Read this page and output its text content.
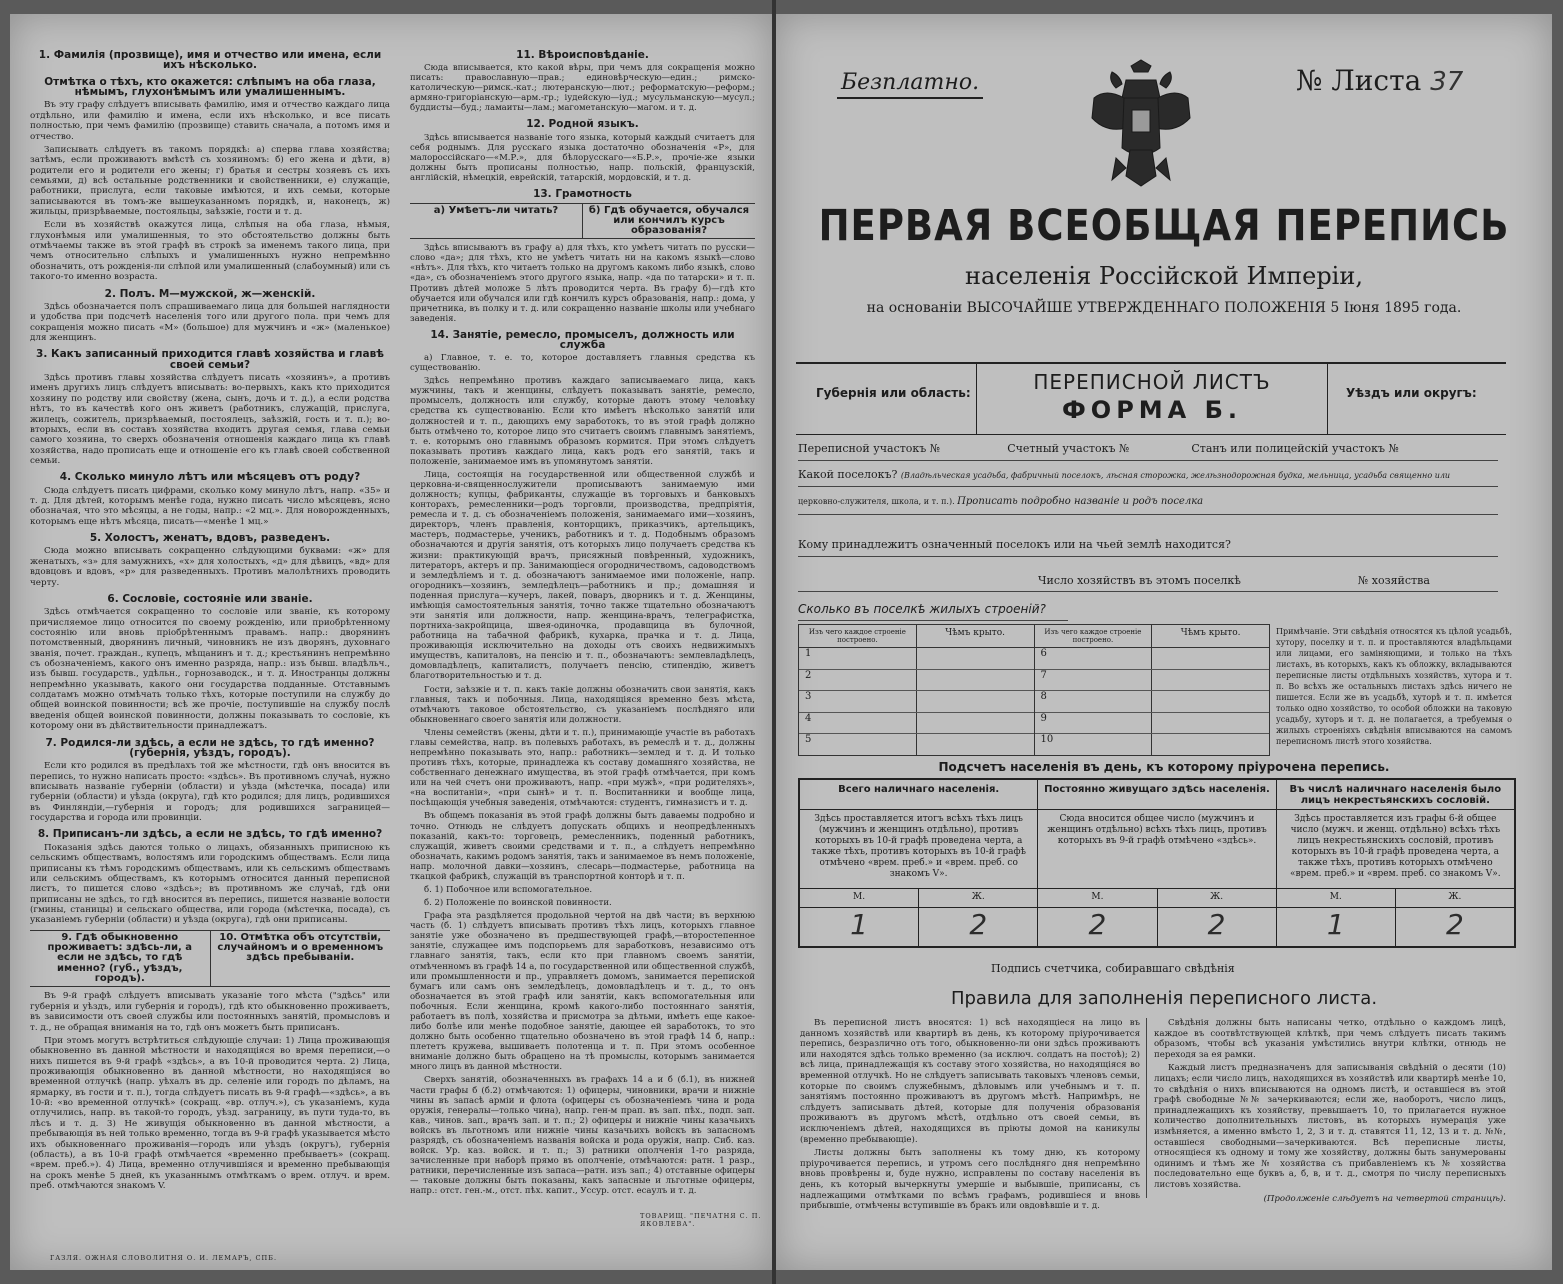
1. Фамилія (прозвище), имя и отчество или имена, если ихъ нѣсколько.
Отмѣтка о тѣхъ, кто окажется: слѣпымъ на оба глаза, нѣмымъ, глухонѣмымъ или умалишеннымъ.

Въ эту графу слѣдуетъ вписывать фамилію, имя и отчество каждаго лица отдѣльно, или фамилію и имена, если ихъ нѣсколько, и все писать полностью, при чемъ фамилію (прозвище) ставить сначала, а потомъ имя и отчество.

Записывать слѣдуетъ въ такомъ порядкѣ: а) сперва глава хозяйства; затѣмъ, если проживаютъ вмѣстѣ съ хозяиномъ: б) его жена и дѣти, в) родители его и родители его жены; г) братья и сестры хозяевъ съ ихъ семьями, д) всѣ остальные родственники и свойственники, е) служащіе, работники, прислуга, если таковые имѣются, и ихъ семьи, которые записываются въ томъ-же вышеуказанномъ порядкѣ, и, наконецъ, ж) жильцы, призрѣваемые, постояльцы, заѣзжіе, гости и т. д.

Если въ хозяйствѣ окажутся лица, слѣпыя на оба глаза, нѣмыя, глухонѣмыя или умалишенныя, то это обстоятельство должны быть отмѣчаемы также въ этой графѣ въ строкѣ за именемъ такого лица, при чемъ относительно слѣпыхъ и умалишенныхъ нужно непремѣнно обозначить, отъ рожденія-ли слѣпой или умалишенный (слабоумный) или съ такого-то именно возраста.

2. Полъ. М—мужской, ж—женскій.

Здѣсь обозначается полъ спрашиваемаго лица для большей наглядности и удобства при подсчетѣ населенія того или другого пола. при чемъ для сокращенія можно писать «М» (большое) для мужчинъ и «ж» (маленькое) для женщинъ.

3. Какъ записанный приходится главѣ хозяйства и главѣ своей семьи?

Здѣсь противъ главы хозяйства слѣдуетъ писать «хозяинъ», а противъ именъ другихъ лицъ слѣдуетъ вписывать: во-первыхъ, какъ кто приходится хозяину по родству или свойству (жена, сынъ, дочь и т. д.), а если родства нѣтъ, то въ качествѣ кого онъ живетъ (работникъ, служащій, прислуга, жилецъ, сожитель, призрѣваемый, постоялецъ, заѣзжій, гость и т. п.); во-вторыхъ, если въ составъ хозяйства входитъ другая семья, глава семьи самого хозяина, то сверхъ обозначенія отношенія каждаго лица къ главѣ хозяйства, надо прописать еще и отношеніе его къ главѣ своей собственной семьи.

4. Сколько минуло лѣтъ или мѣсяцевъ отъ роду?

Сюда слѣдуетъ писать цифрами, сколько кому минуло лѣтъ, напр. «35» и т. д. Для дѣтей, которымъ менѣе года, нужно писать число мѣсяцевъ, ясно обозначая, что это мѣсяцы, а не годы, напр.: «2 мц.». Для новорожденныхъ, которымъ еще нѣтъ мѣсяца, писать—«менѣе 1 мц.»

5. Холостъ, женатъ, вдовъ, разведенъ.

Сюда можно вписывать сокращенно слѣдующими буквами: «ж» для женатыхъ, «з» для замужнихъ, «х» для холостыхъ, «д» для дѣвицъ, «вд» для вдовцовъ и вдовъ, «р» для разведенныхъ. Противъ малолѣтнихъ проводить черту.

6. Сословіе, состояніе или званіе.

Здѣсь отмѣчается сокращенно то сословіе или званіе, къ которому причисляемое лицо относится по своему рожденію, или приобрѣтенному состоянію или вновь пріобрѣтеннымъ правамъ. напр.: дворянинъ потомственный, дворянинъ личный, чиновникъ не изъ дворянъ, духовнаго званія, почет. граждан., купецъ, мѣщанинъ и т. д.; крестьянинъ непремѣнно съ обозначеніемъ, какого онъ именно разряда, напр.: изъ бывш. владѣльч., изъ бывш. государств., удѣльн., горнозаводск., и т. д. Иностранцы должны непремѣнно указывать, какого они государства подданные. Отставнымъ солдатамъ можно отмѣчать только тѣхъ, которые поступили на службу до общей воинской повинности; всѣ же прочіе, поступившіе на службу послѣ введенія общей воинской повинности, должны показывать то сословіе, къ которому они въ дѣйствительности принадлежатъ.

7. Родился-ли здѣсь, а если не здѣсь, то гдѣ именно? (губернія, уѣздъ, городъ).

Если кто родился въ предѣлахъ той же мѣстности, гдѣ онъ вносится въ перепись, то нужно написать просто: «здѣсь». Въ противномъ случаѣ, нужно вписывать названіе губерніи (области) и уѣзда (мѣстечка, посада) или губерніи (области) и уѣзда (округа), гдѣ кто родился; для лицъ, родившихся въ Финляндіи,—губернія и городъ; для родившихся заграницей—государства и города или провинціи.

8. Приписанъ-ли здѣсь, а если не здѣсь, то гдѣ именно?

Показанія здѣсь даются только о лицахъ, обязанныхъ приписною къ сельскимъ обществамъ, волостямъ или городскимъ обществамъ. Если лица приписаны къ тѣмъ городскимъ обществамъ, или къ сельскимъ обществамъ или сельскимъ обществамъ, къ которымъ относится данный переписной листъ, то пишется слово «здѣсь»; въ противномъ же случаѣ, гдѣ они приписаны не здѣсь, то гдѣ вносится въ перепись, пишется названіе волости (гмины, станицы) и сельскаго общества, или города (мѣстечка, посада), съ указаніемъ губерніи (области) и уѣзда (округа), гдѣ они приписаны.

9. Гдѣ обыкновенно проживаетъ: здѣсь-ли, а если не здѣсь, то гдѣ именно? (губ., уѣздъ, городъ).
10. Отмѣтка объ отсутствіи, случайномъ и о временномъ здѣсь пребываніи.

Въ 9-й графѣ слѣдуетъ вписывать указаніе того мѣста ("здѣсь" или губернія и уѣздъ, или губернія и городъ), гдѣ кто обыкновенно проживаетъ, въ зависимости отъ своей службы или постоянныхъ занятій, промысловъ и т. д., не обращая вниманія на то, гдѣ онъ можетъ быть приписанъ.

При этомъ могутъ встрѣтиться слѣдующіе случаи: 1) Лица проживающія обыкновенно въ данной мѣстности и находящіяся во время переписи,—о нихъ пишется въ 9-й графѣ «здѣсь», а въ 10-й проводится черта. 2) Лица, проживающія обыкновенно въ данной мѣстности, но находящіяся во временной отлучкѣ (напр. уѣхалъ въ др. селеніе или городъ по дѣламъ, на ярмарку, въ гости и т. п.), тогда слѣдуетъ писать въ 9-й графѣ—«здѣсь», а въ 10-й: «во временной отлучкѣ» (сокращ. «вр. отлуч.»), съ указаніемъ, куда отлучились, напр. въ такой-то городъ, уѣзд. заграницу, въ пути туда-то, въ лѣсъ и т. д. 3) Не живущія обыкновенно въ данной мѣстности, а пребывающія въ ней только временно, тогда въ 9-й графѣ указывается мѣсто ихъ обыкновеннаго проживанія—городъ или уѣздъ (округъ), губернія (область), а въ 10-й графѣ отмѣчается «временно пребываетъ» (сокращ. «врем. преб.»). 4) Лица, временно отлучившіяся и временно пребывающія на срокъ менѣе 5 дней, къ указаннымъ отмѣткамъ о врем. отлуч. и врем. преб. отмѣчаются знакомъ V.

11. Вѣроисповѣданіе.

Сюда вписывается, кто какой вѣры, при чемъ для сокращенія можно писать: православную—прав.; единовѣрческую—един.; римско-католическую—римск.-кат.; лютеранскую—лют.; реформатскую—реформ.; армяно-григоріанскую—арм.-гр.; іудейскую—іуд.; мусульманскую—мусул.; буддисты—буд.; ламаиты—лам.; магометанскую—магом. и т. д.

12. Родной языкъ.

Здѣсь вписывается названіе того языка, который каждый считаетъ для себя роднымъ. Для русскаго языка достаточно обозначенія «Р», для малороссійскаго—«М.Р.», для бѣлорусскаго—«Б.Р.», прочіе-же языки должны быть прописаны полностью, напр. польскій, французскій, англійскій, нѣмецкій, еврейскій, татарскій, мордовскій, и т. д.

13. Грамотность
а) Умѣетъ-ли читать?	б) Гдѣ обучается, обучался или кончилъ курсъ образованія?

Здѣсь вписываютъ въ графу а) для тѣхъ, кто умѣетъ читать по русски—слово «да»; для тѣхъ, кто не умѣетъ читать ни на какомъ языкѣ—слово «нѣтъ». Для тѣхъ, кто читаетъ только на другомъ какомъ либо языкѣ, слово «да», съ обозначеніемъ этого другого языка, напр. «да по татарски» и т. п. Противъ дѣтей моложе 5 лѣтъ проводится черта. Въ графу б)—гдѣ кто обучается или обучался или гдѣ кончилъ курсъ образованія, напр.: дома, у причетника, въ полку и т. д. или сокращенно названіе школы или учебнаго заведенія.

14. Занятіе, ремесло, промыселъ, должность или служба

а) Главное, т. е. то, которое доставляетъ главныя средства къ существованію.

Здѣсь непремѣнно противъ каждаго записываемаго лица, какъ мужчины, такъ и женщины, слѣдуетъ показывать занятіе, ремесло, промыселъ, должность или службу, которые даютъ этому человѣку средства къ существованію. Если кто имѣетъ нѣсколько занятій или должностей и т. п., дающихъ ему заработокъ, то въ этой графѣ должно быть отмѣчено то, которое лицо это считаетъ своимъ главнымъ занятіемъ, т. е. которымъ оно главнымъ образомъ кормится. При этомъ слѣдуетъ показывать противъ каждаго лица, какъ родъ его занятій, такъ и положеніе, занимаемое имъ въ упомянутомъ занятіи.

Лица, состоящія на государственной или общественной службѣ и церковна-и-священнослужители прописываютъ занимаемую ими должность; купцы, фабриканты, служащіе въ торговыхъ и банковыхъ конторахъ, ремесленники—родъ торговли, производства, предпріятія, ремесла и т. д. съ обозначеніемъ положенія, занимаемаго ими—хозяинъ, директоръ, членъ правленія, конторщикъ, приказчикъ, артельщикъ, мастеръ, подмастерье, ученикъ, работникъ и т. д. Подобнымъ образомъ обозначаются и другія занятія, отъ которыхъ лицо получаетъ средства къ жизни: практикующій врачъ, присяжный повѣренный, художникъ, литераторъ, актеръ и пр. Занимающіеся огородничествомъ, садоводствомъ и земледѣліемъ и т. д. обозначаютъ занимаемое ими положеніе, напр. огородникъ—хозяинъ, земледѣлецъ—работникъ и пр.; домашняя и поденная прислуга—кучеръ, лакей, поваръ, дворникъ и т. д. Женщины, имѣющія самостоятельныя занятія, точно также тщательно обозначаютъ эти занятія или должности, напр. женщина-врачъ, телеграфистка, портниха-закройщица, швея-одиночка, продавщица въ булочной, работница на табачной фабрикѣ, кухарка, прачка и т. д. Лица, проживающія исключительно на доходы отъ своихъ недвижимыхъ имуществъ, капиталовъ, на пенсію и т. п., обозначаютъ: землевладѣлецъ, домовладѣлецъ, капиталистъ, получаетъ пенсію, стипендію, живетъ благотворительностью и т. д.

Гости, заѣзжіе и т. п. какъ такіе должны обозначить свои занятія, какъ главныя, такъ и побочныя. Лица, находящіяся временно безъ мѣста, отмѣчаютъ таковое обстоятельство, съ указаніемъ послѣдняго или обыкновеннаго своего занятія или должности.

Члены семействъ (жены, дѣти и т. п.), принимающіе участіе въ работахъ главы семейства, напр. въ полевыхъ работахъ, въ ремеслѣ и т. д., должны непремѣнно показывать это, напр.: работникъ—землед и т. д. И только противъ тѣхъ, которые, принадлежа къ составу домашняго хозяйства, не собственнаго денежнаго имущества, въ этой графѣ отмѣчается, при комъ или на чей счетъ они проживаютъ, напр. «при мужѣ», «при родителяхъ», «на воспитаніи», «при сынѣ» и т. п. Воспитанники и вообще лица, посѣщающія учебныя заведенія, отмѣчаются: студентъ, гимназистъ и т. д.

Въ общемъ показанія въ этой графѣ должны быть даваемы подробно и точно. Отнюдь не слѣдуетъ допускать общихъ и неопредѣленныхъ показаній, какъ-то: торговецъ, ремесленникъ, поденный работникъ, служащій, живетъ своими средствами и т. п., а слѣдуетъ непремѣнно обозначать, какимъ родомъ занятія, такъ и занимаемое въ немъ положеніе, напр. молочной давки—хозяинъ, слесарь—подмастерье, работница на ткацкой фабрикѣ, служащій въ транспортной конторѣ и т. п.

б. 1) Побочное или вспомогательное.

б. 2) Положеніе по воинской повинности.

Графа эта раздѣляется продольной чертой на двѣ части; въ верхнюю часть (б. 1) слѣдуетъ вписывать противъ тѣхъ лицъ, которыхъ главное занятіе уже обозначено въ предшествующей графѣ,—второстепенное занятіе, служащее имъ подспорьемъ для заработковъ, независимо отъ главнаго занятія, такъ, если кто при главномъ своемъ занятіи, отмѣченномъ въ графѣ 14 а, по государственной или общественной службѣ, или промышленности и пр., управляетъ домомъ, занимается перепиской бумагъ или самъ онъ земледѣлецъ, домовладѣлецъ и т. д., то онъ обозначается въ этой графѣ или занятіи, какъ вспомогательныя или побочныя. Если женщина, кромѣ какого-либо постояннаго занятія, работаетъ въ полѣ, хозяйства и присмотра за дѣтьми, имѣетъ еще какое-либо болѣе или менѣе подобное занятіе, дающее ей заработокъ, то это должно быть особенно тщательно обозначено въ этой графѣ 14 б, напр.: плететъ кружева, вышиваетъ полотенца и т. п. При этомъ особенное вниманіе должно быть обращено на тѣ промыслы, которымъ занимается много лицъ въ данной мѣстности.

Сверхъ занятій, обозначенныхъ въ графахъ 14 а и б (б.1), въ нижней части графы б (б.2) отмѣчаются: 1) офицеры, чиновники, врачи и нижніе чины въ запасѣ арміи и флота (офицеры съ обозначеніемъ чина и рода оружія, генералы—только чина), напр. ген-м прап. въ зап. пѣх., подп. зап. кав., чинов. зап., врачъ зап. и т. п.; 2) офицеры и нижніе чины казачьихъ войскъ въ льготномъ или нижніе чины казачьихъ войскъ въ запасномъ разрядѣ, съ обозначеніемъ названія войска и рода оружія, напр. Сиб. каз. войск. Ур. каз. войск. и т. п.; 3) ратники ополченія 1-го разряда, зачисленные при наборѣ прямо въ ополченіе, отмѣчаются: ратн. 1 разр., ратники, перечисленные изъ запаса—ратн. изъ зап.; 4) отставные офицеры — таковые должны быть показаны, какъ запасные и льготные офицеры, напр.: отст. ген.-м., отст. пѣх. капит., Уссур. отст. есаулъ и т. д.

ГАЗЛЯ. ОЖНАЯ СЛОВОЛИТНЯ О. И. ЛЕМАРЪ, СПБ.
ТОВАРИЩ. "ПЕЧАТНЯ С. П. ЯКОВЛЕВА".
Безплатно.	№ Листа 37
ПЕРВАЯ ВСЕОБЩАЯ ПЕРЕПИСЬ
населенія Россійской Имперіи,
на основаніи ВЫСОЧАЙШЕ УТВЕРЖДЕННАГО ПОЛОЖЕНІЯ 5 Іюня 1895 года.
Губернія или область:	ПЕРЕПИСНОЙ ЛИСТЪ
ФОРМА Б.
Уѣздъ или округъ:
Переписной участокъ №	Счетный участокъ №	Станъ или полицейскій участокъ №
Какой поселокъ? (Владѣльческая усадьба, фабричный поселокъ, лѣсная сторожка, желѣзнодорожная будка, мельница, усадьба священно или
церковно-служителя, школа, и т. п.). Прописать подробно названіе и родъ поселка
Кому принадлежитъ означенный поселокъ или на чьей землѣ находится?
Число хозяйствъ въ этомъ поселкѣ	№ хозяйства
Сколько въ поселкѣ жилыхъ строеній?
Изъ чего каждое строеніе построено.
Чѣмъ крыто.
1
2
3
4
5
Изъ чего каждое строеніе построено.
Чѣмъ крыто.
6
7
8
9
10
Примѣчаніе. Эти свѣдѣнія относятся къ цѣлой усадьбѣ, хутору, поселку и т. п. и проставляются владѣльцами или лицами, его заміняющими, и только на тѣхъ листахъ, въ которыхъ, какъ къ обложку, вкладываются переписные листы отдѣльныхъ хозяйствъ, хутора и т. п. Во всѣхъ же остальныхъ листахъ здѣсь ничего не пишется. Если же въ усадьбѣ, хуторѣ и т. п. имѣется только одно хозяйство, то особой обложки на таковую усадьбу, хуторъ и т. д. не полагается, а требуемыя о жилыхъ строеніяхъ свѣдѣнія вписываются на самомъ переписномъ листѣ этого хозяйства.
Подсчетъ населенія въ день, къ которому пріурочена перепись.
Всего наличнаго населенія.
Здѣсь проставляется итогъ всѣхъ тѣхъ лицъ (мужчинъ и женщинъ отдѣльно), противъ которыхъ въ 10-й графѣ проведена черта, а также тѣхъ, противъ которыхъ въ 10-й графѣ отмѣчено «врем. преб.» и «врем. преб. со знакомъ V».
М.	Ж.
1	2
Постоянно живущаго здѣсь населенія.
Сюда вносится общее число (мужчинъ и женщинъ отдѣльно) всѣхъ тѣхъ лицъ, противъ которыхъ въ 9-й графѣ отмѣчено «здѣсь».
М.	Ж.
2	2
Въ числѣ наличнаго населенія было лицъ некрестьянскихъ сословій.
Здѣсь проставляется изъ графы 6-й общее число (мужч. и женщ. отдѣльно) всѣхъ тѣхъ лицъ некрестьянскихъ сословій, противъ которыхъ въ 10-й графѣ проведена черта, а также тѣхъ, противъ которыхъ отмѣчено «врем. преб.» и «врем. преб. со знакомъ V».
М.	Ж.
1	2
Подпись счетчика, собиравшаго свѣдѣнія
Правила для заполненія переписного листа.

Въ переписной листъ вносятся: 1) всѣ находящіеся на лицо въ данномъ хозяйствѣ или квартирѣ въ день, къ которому пріурочивается перепись, безразлично отъ того, обыкновенно-ли они здѣсь проживаютъ или находятся здѣсь только временно (за исключ. солдатъ на постоѣ); 2) всѣ лица, принадлежащія къ составу этого хозяйства, но находящіяся во временной отлучкѣ. Но не слѣдуетъ записывать таковыхъ членовъ семьи, которые по своимъ служебнымъ, дѣловымъ или учебнымъ и т. п. занятіямъ постоянно проживаютъ въ другомъ мѣстѣ. Напримѣръ, не слѣдуетъ записывать дѣтей, которые для полученія образованія проживаютъ въ другомъ мѣстѣ, отдѣльно отъ своей семьи, въ исключеніемъ дѣтей, находящихся въ пріюты домой на каникулы (временно пребывающіе).

Листы должны быть заполнены къ тому дню, къ которому пріурочивается перепись, и утромъ сего послѣдняго дня непремѣнно вновь провѣрены и, буде нужно, исправлены по составу населенія въ день, къ который вычеркнуты умершіе и выбывшіе, приписаны, съ надлежащими отмѣтками по всѣмъ графамъ, родившіеся и вновь прибывшіе, отмѣчены вступившіе въ бракъ или овдовѣвшіе и т. д.

Свѣдѣнія должны быть написаны четко, отдѣльно о каждомъ лицѣ, каждое въ соотвѣтствующей клѣткѣ, при чемъ слѣдуетъ писать такимъ образомъ, чтобы всѣ указанія умѣстились внутри клѣтки, отнюдь не переходя за ея рамки.

Каждый листъ предназначенъ для записыванія свѣдѣній о десяти (10) лицахъ; если число лицъ, находящихся въ хозяйствѣ или квартирѣ менѣе 10, то свѣдѣнія о нихъ вписываются на одномъ листѣ, и оставшіеся въ этой графѣ свободные №№ зачеркиваются; если же, наоборотъ, число лицъ, принадлежащихъ къ хозяйству, превышаетъ 10, то прилагается нужное количество дополнительныхъ листовъ, въ которыхъ нумерація уже измѣняется, а именно вмѣсто 1, 2, 3 и т. д. ставятся 11, 12, 13 и т. д. №№, оставшіеся свободными—зачеркиваются. Всѣ переписные листы, относящіеся къ одному и тому же хозяйству, должны быть занумерованы одинимъ и тѣмъ же № хозяйства съ прибавленіемъ къ № хозяйства последовательно еще буквъ а, б, в, и т. д., смотря по числу переписныхъ листовъ хозяйства.

(Продолженіе слѣдуетъ на четвертой страницѣ).
